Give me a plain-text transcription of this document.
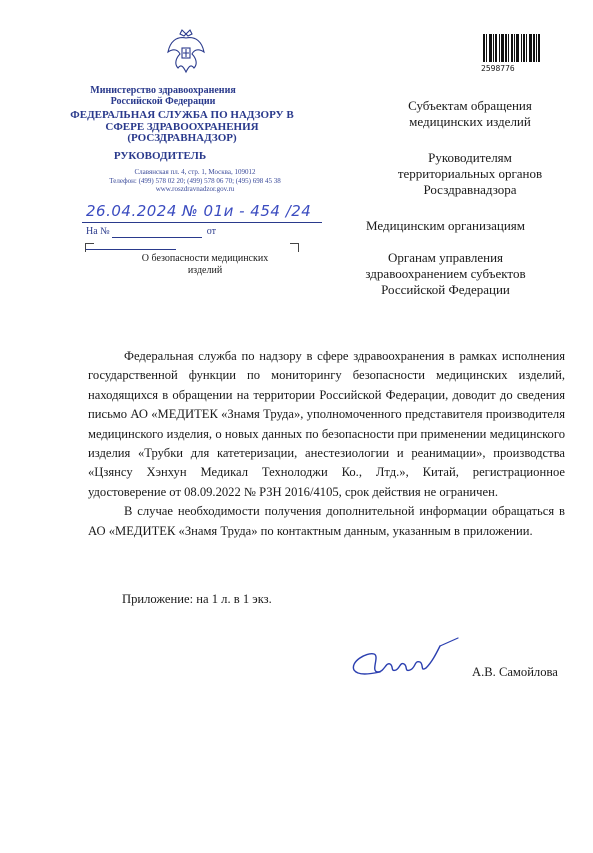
Министерство здравоохранения Российской Федерации
ФЕДЕРАЛЬНАЯ СЛУЖБА ПО НАДЗОРУ В СФЕРЕ ЗДРАВООХРАНЕНИЯ (РОСЗДРАВНАДЗОР)
РУКОВОДИТЕЛЬ
Славянская пл. 4, стр. 1, Москва, 109012
Телефон: (499) 578 02 20; (499) 578 06 70; (495) 698 45 38
www.roszdravnadzor.gov.ru
26.04.2024 № 01и - 454 /24
На №	от
О безопасности медицинских изделий
2598776
Субъектам обращения медицинских изделий
Руководителям территориальных органов Росздравнадзора
Медицинским организациям
Органам управления здравоохранением субъектов Российской Федерации

Федеральная служба по надзору в сфере здравоохранения в рамках исполнения государственной функции по мониторингу безопасности медицинских изделий, находящихся в обращении на территории Российской Федерации, доводит до сведения письмо АО «МЕДИТЕК «Знамя Труда», уполномоченного представителя производителя медицинского изделия, о новых данных по безопасности при применении медицинского изделия «Трубки для катетеризации, анестезиологии и реанимации», производства «Цзянсу Хэнхун Медикал Технолоджи Ко., Лтд.», Китай, регистрационное удостоверение от 08.09.2022 № РЗН 2016/4105, срок действия не ограничен.

В случае необходимости получения дополнительной информации обращаться в АО «МЕДИТЕК «Знамя Труда» по контактным данным, указанным в приложении.

Приложение: на 1 л. в 1 экз.
А.В. Самойлова
